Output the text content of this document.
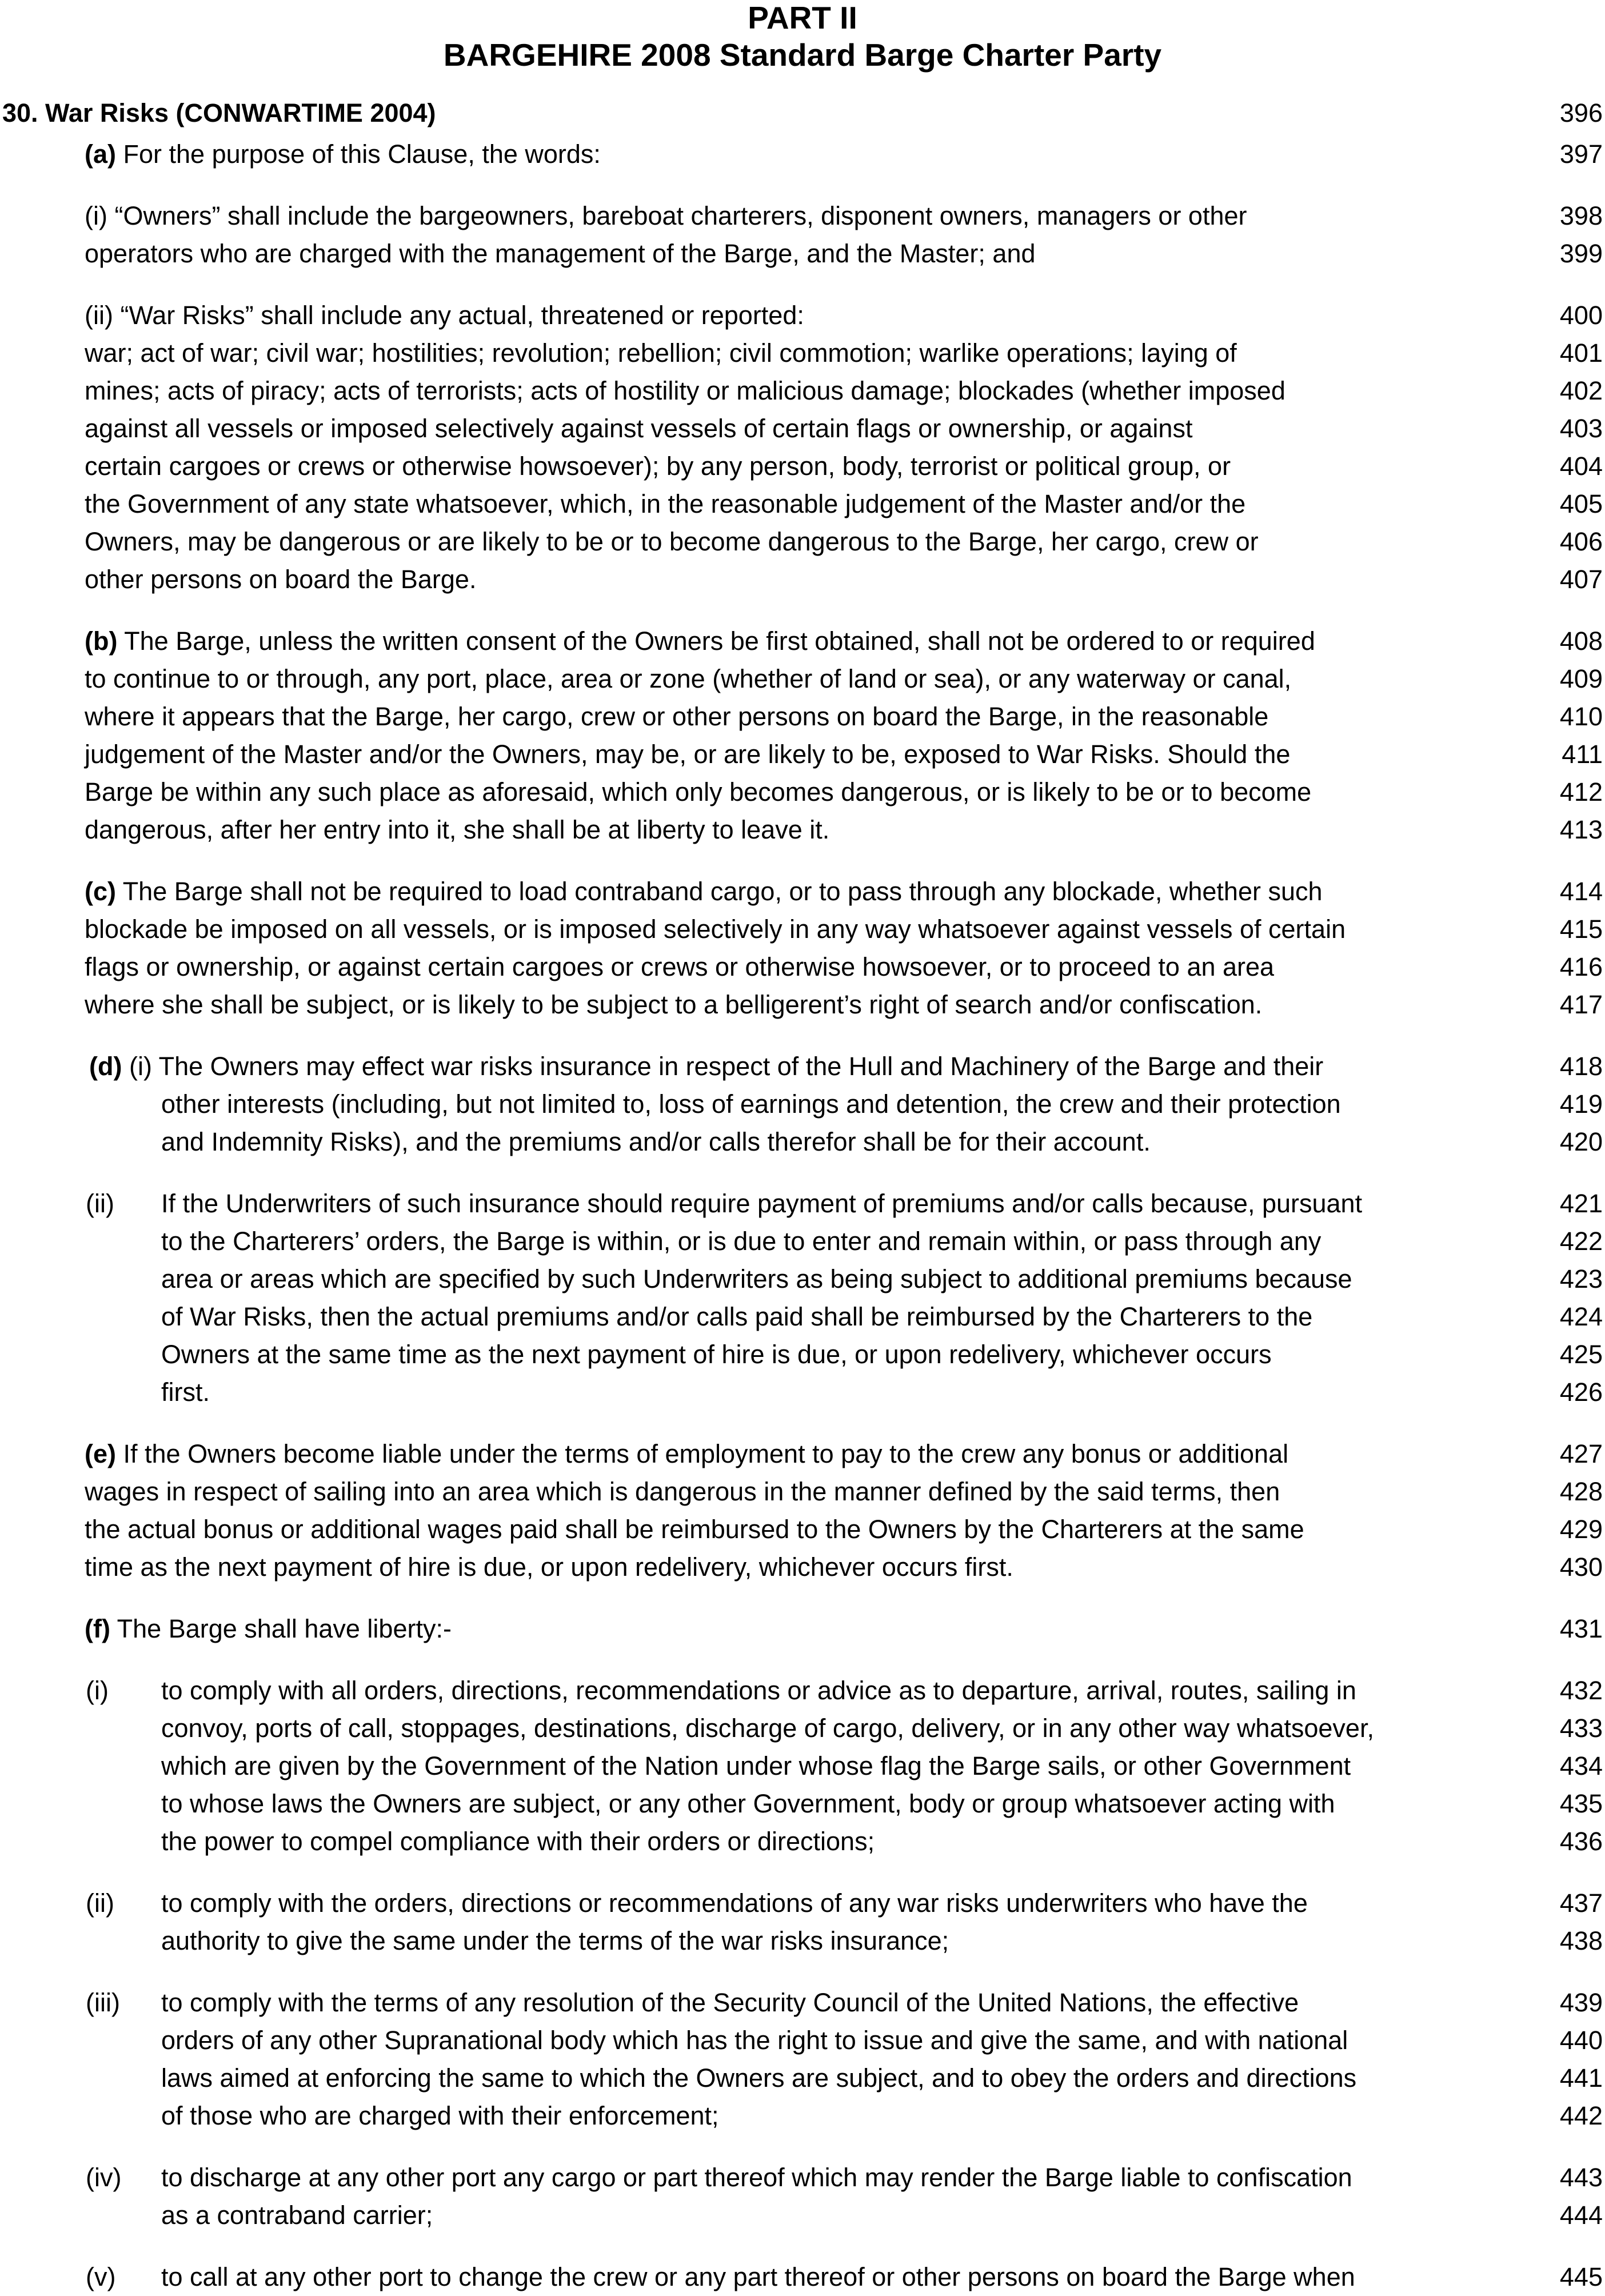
PART II
BARGEHIRE 2008 Standard Barge Charter Party
30. War Risks (CONWARTIME 2004)	396
(a) For the purpose of this Clause, the words:	397
(i) “Owners” shall include the bargeowners, bareboat charterers, disponent owners, managers or other	398
operators who are charged with the management of the Barge, and the Master; and	399
(ii) “War Risks” shall include any actual, threatened or reported:	400
war; act of war; civil war; hostilities; revolution; rebellion; civil commotion; warlike operations; laying of	401
mines; acts of piracy; acts of terrorists; acts of hostility or malicious damage; blockades (whether imposed	402
against all vessels or imposed selectively against vessels of certain flags or ownership, or against	403
certain cargoes or crews or otherwise howsoever); by any person, body, terrorist or political group, or	404
the Government of any state whatsoever, which, in the reasonable judgement of the Master and/or the	405
Owners, may be dangerous or are likely to be or to become dangerous to the Barge, her cargo, crew or	406
other persons on board the Barge.	407
(b) The Barge, unless the written consent of the Owners be first obtained, shall not be ordered to or required	408
to continue to or through, any port, place, area or zone (whether of land or sea), or any waterway or canal,	409
where it appears that the Barge, her cargo, crew or other persons on board the Barge, in the reasonable	410
judgement of the Master and/or the Owners, may be, or are likely to be, exposed to War Risks. Should the	411
Barge be within any such place as aforesaid, which only becomes dangerous, or is likely to be or to become	412
dangerous, after her entry into it, she shall be at liberty to leave it.	413
(c) The Barge shall not be required to load contraband cargo, or to pass through any blockade, whether such	414
blockade be imposed on all vessels, or is imposed selectively in any way whatsoever against vessels of certain	415
flags or ownership, or against certain cargoes or crews or otherwise howsoever, or to proceed to an area	416
where she shall be subject, or is likely to be subject to a belligerent’s right of search and/or confiscation.	417
(d) (i) The Owners may effect war risks insurance in respect of the Hull and Machinery of the Barge and their	418
other interests (including, but not limited to, loss of earnings and detention, the crew and their protection	419
and Indemnity Risks), and the premiums and/or calls therefor shall be for their account.	420
(ii) If the Underwriters of such insurance should require payment of premiums and/or calls because, pursuant	421
to the Charterers’ orders, the Barge is within, or is due to enter and remain within, or pass through any	422
area or areas which are specified by such Underwriters as being subject to additional premiums because	423
of War Risks, then the actual premiums and/or calls paid shall be reimbursed by the Charterers to the	424
Owners at the same time as the next payment of hire is due, or upon redelivery, whichever occurs	425
first.	426
(e) If the Owners become liable under the terms of employment to pay to the crew any bonus or additional	427
wages in respect of sailing into an area which is dangerous in the manner defined by the said terms, then	428
the actual bonus or additional wages paid shall be reimbursed to the Owners by the Charterers at the same	429
time as the next payment of hire is due, or upon redelivery, whichever occurs first.	430
(f) The Barge shall have liberty:-	431
(i) to comply with all orders, directions, recommendations or advice as to departure, arrival, routes, sailing in	432
convoy, ports of call, stoppages, destinations, discharge of cargo, delivery, or in any other way whatsoever,	433
which are given by the Government of the Nation under whose flag the Barge sails, or other Government	434
to whose laws the Owners are subject, or any other Government, body or group whatsoever acting with	435
the power to compel compliance with their orders or directions;	436
(ii) to comply with the orders, directions or recommendations of any war risks underwriters who have the	437
authority to give the same under the terms of the war risks insurance;	438
(iii) to comply with the terms of any resolution of the Security Council of the United Nations, the effective	439
orders of any other Supranational body which has the right to issue and give the same, and with national	440
laws aimed at enforcing the same to which the Owners are subject, and to obey the orders and directions	441
of those who are charged with their enforcement;	442
(iv) to discharge at any other port any cargo or part thereof which may render the Barge liable to confiscation	443
as a contraband carrier;	444
(v) to call at any other port to change the crew or any part thereof or other persons on board the Barge when	445
